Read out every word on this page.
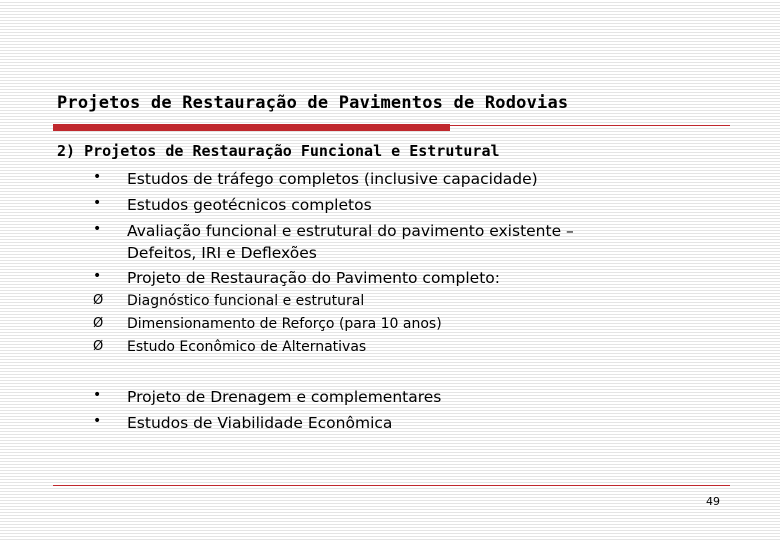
Projetos de Restauração de Pavimentos de Rodovias
2) Projetos de Restauração Funcional e Estrutural
• Estudos de tráfego completos (inclusive capacidade)
• Estudos geotécnicos completos
• Avaliação funcional e estrutural do pavimento existente –
Defeitos, IRI e Deflexões
• Projeto de Restauração do Pavimento completo:
Ø Diagnóstico funcional e estrutural
Ø Dimensionamento de Reforço (para 10 anos)
Ø Estudo Econômico de Alternativas
• Projeto de Drenagem e complementares
• Estudos de Viabilidade Econômica
49
